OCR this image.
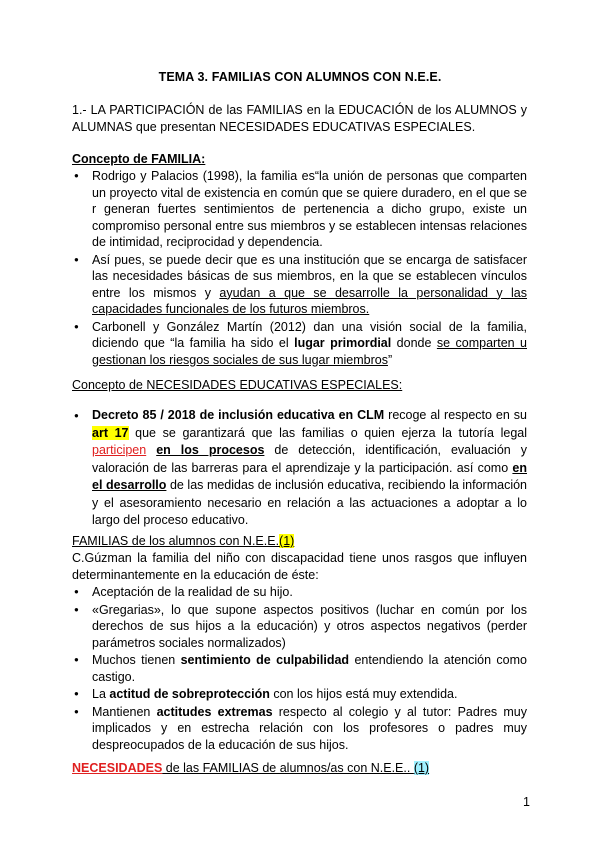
TEMA 3. FAMILIAS CON ALUMNOS CON N.E.E.

1.- LA PARTICIPACIÓN de las FAMILIAS en la EDUCACIÓN de los ALUMNOS y ALUMNAS que presentan NECESIDADES EDUCATIVAS ESPECIALES.

Concepto de FAMILIA:

● Rodrigo y Palacios (1998), la familia es“la unión de personas que comparten un proyecto vital de existencia en común que se quiere duradero, en el que se r generan fuertes sentimientos de pertenencia a dicho grupo, existe un compromiso personal entre sus miembros y se establecen intensas relaciones de intimidad, reciprocidad y dependencia.
● Así pues, se puede decir que es una institución que se encarga de satisfacer las necesidades básicas de sus miembros, en la que se establecen vínculos entre los mismos y ayudan a que se desarrolle la personalidad y las capacidades funcionales de los futuros miembros.
● Carbonell y González Martín (2012) dan una visión social de la familia, diciendo que “la familia ha sido el lugar primordial donde se comparten u gestionan los riesgos sociales de sus lugar miembros”

Concepto de NECESIDADES EDUCATIVAS ESPECIALES:

● Decreto 85 / 2018 de inclusión educativa en CLM recoge al respecto en su art 17 que se garantizará que las familias o quien ejerza la tutoría legal participen en los procesos de detección, identificación, evaluación y valoración de las barreras para el aprendizaje y la participación. así como en el desarrollo de las medidas de inclusión educativa, recibiendo la información y el asesoramiento necesario en relación a las actuaciones a adoptar a lo largo del proceso educativo.

FAMILIAS de los alumnos con N.E.E.(1)

C.Gúzman la familia del niño con discapacidad tiene unos rasgos que influyen determinantemente en la educación de éste:

● Aceptación de la realidad de su hijo.
● «Gregarias», lo que supone aspectos positivos (luchar en común por los derechos de sus hijos a la educación) y otros aspectos negativos (perder parámetros sociales normalizados)
● Muchos tienen sentimiento de culpabilidad entendiendo la atención como castigo.
● La actitud de sobreprotección con los hijos está muy extendida.
● Mantienen actitudes extremas respecto al colegio y al tutor: Padres muy implicados y en estrecha relación con los profesores o padres muy despreocupados de la educación de sus hijos.

NECESIDADES de las FAMILIAS de alumnos/as con N.E.E.. (1)

1
